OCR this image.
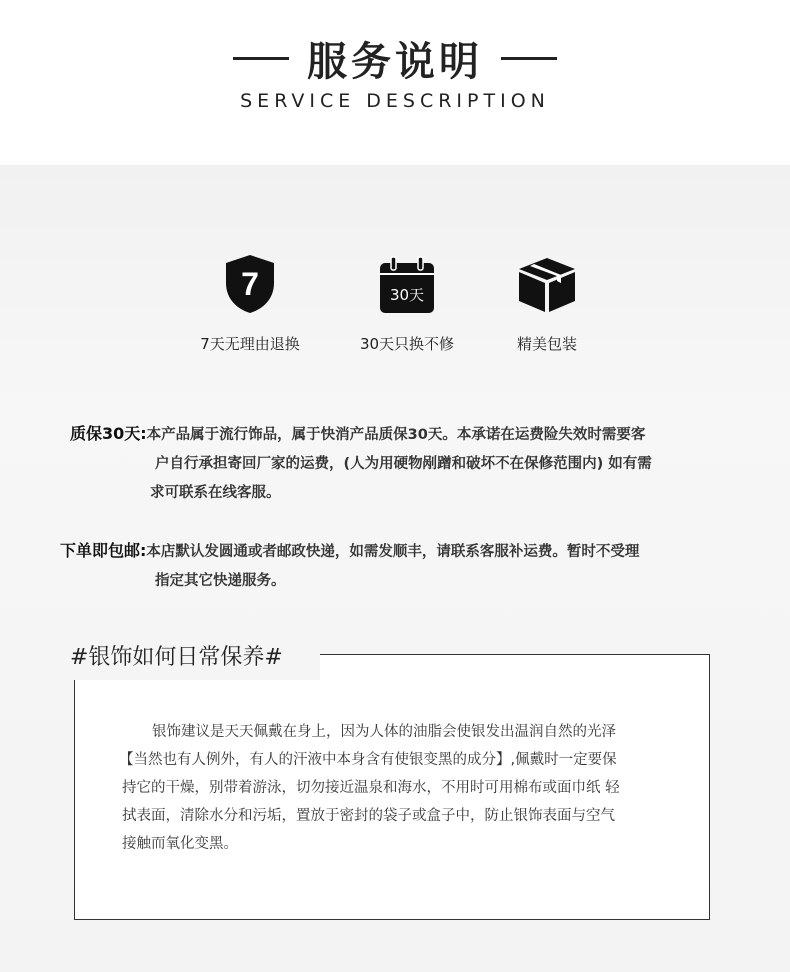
服务说明
SERVICE DESCRIPTION
7
7天无理由退换
30天
30天只换不修	精美包装
质保30天:本产品属于流行饰品，属于快消产品质保30天。本承诺在运费险失效时需要客
户自行承担寄回厂家的运费，(人为用硬物剐蹭和破坏不在保修范围内) 如有需
求可联系在线客服。
下单即包邮:本店默认发圆通或者邮政快递，如需发顺丰，请联系客服补运费。暂时不受理
指定其它快递服务。
#银饰如何日常保养#
银饰建议是天天佩戴在身上，因为人体的油脂会使银发出温润自然的光泽
【当然也有人例外，有人的汗液中本身含有使银变黑的成分】,佩戴时一定要保
持它的干燥，别带着游泳，切勿接近温泉和海水，不用时可用棉布或面巾纸 轻
拭表面，清除水分和污垢，置放于密封的袋子或盒子中，防止银饰表面与空气
接触而氧化变黑。
